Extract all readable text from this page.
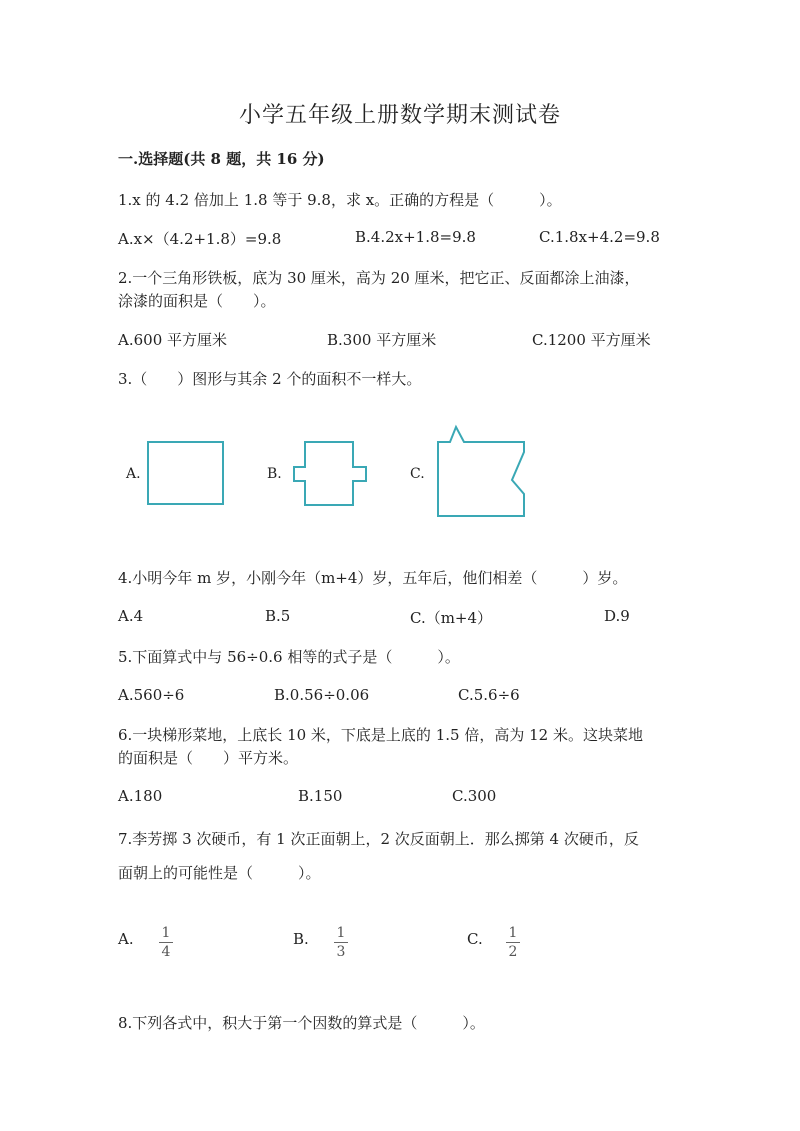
小学五年级上册数学期末测试卷
一.选择题(共 8 题，共 16 分)
1.x 的 4.2 倍加上 1.8 等于 9.8，求 x。正确的方程是（　　　）。
A.x×（4.2+1.8）=9.8	B.4.2x+1.8=9.8	C.1.8x+4.2=9.8
2.一个三角形铁板，底为 30 厘米，高为 20 厘米，把它正、反面都涂上油漆，
涂漆的面积是（　　）。
A.600 平方厘米	B.300 平方厘米	C.1200 平方厘米
3.（　　）图形与其余 2 个的面积不一样大。
A.	B.	C.
4.小明今年 m 岁，小刚今年（m+4）岁，五年后，他们相差（　　　）岁。
A.4	B.5	C.（m+4）	D.9
5.下面算式中与 56÷0.6 相等的式子是（　　　）。
A.560÷6	B.0.56÷0.06	C.5.6÷6
6.一块梯形菜地，上底长 10 米，下底是上底的 1.5 倍，高为 12 米。这块菜地
的面积是（　　）平方米。
A.180	B.150	C.300
7.李芳掷 3 次硬币，有 1 次正面朝上，2 次反面朝上．那么掷第 4 次硬币，反
面朝上的可能性是（　　　）。
A.	B.	C.
1
4
1
3
1
2
8.下列各式中，积大于第一个因数的算式是（　　　）。
